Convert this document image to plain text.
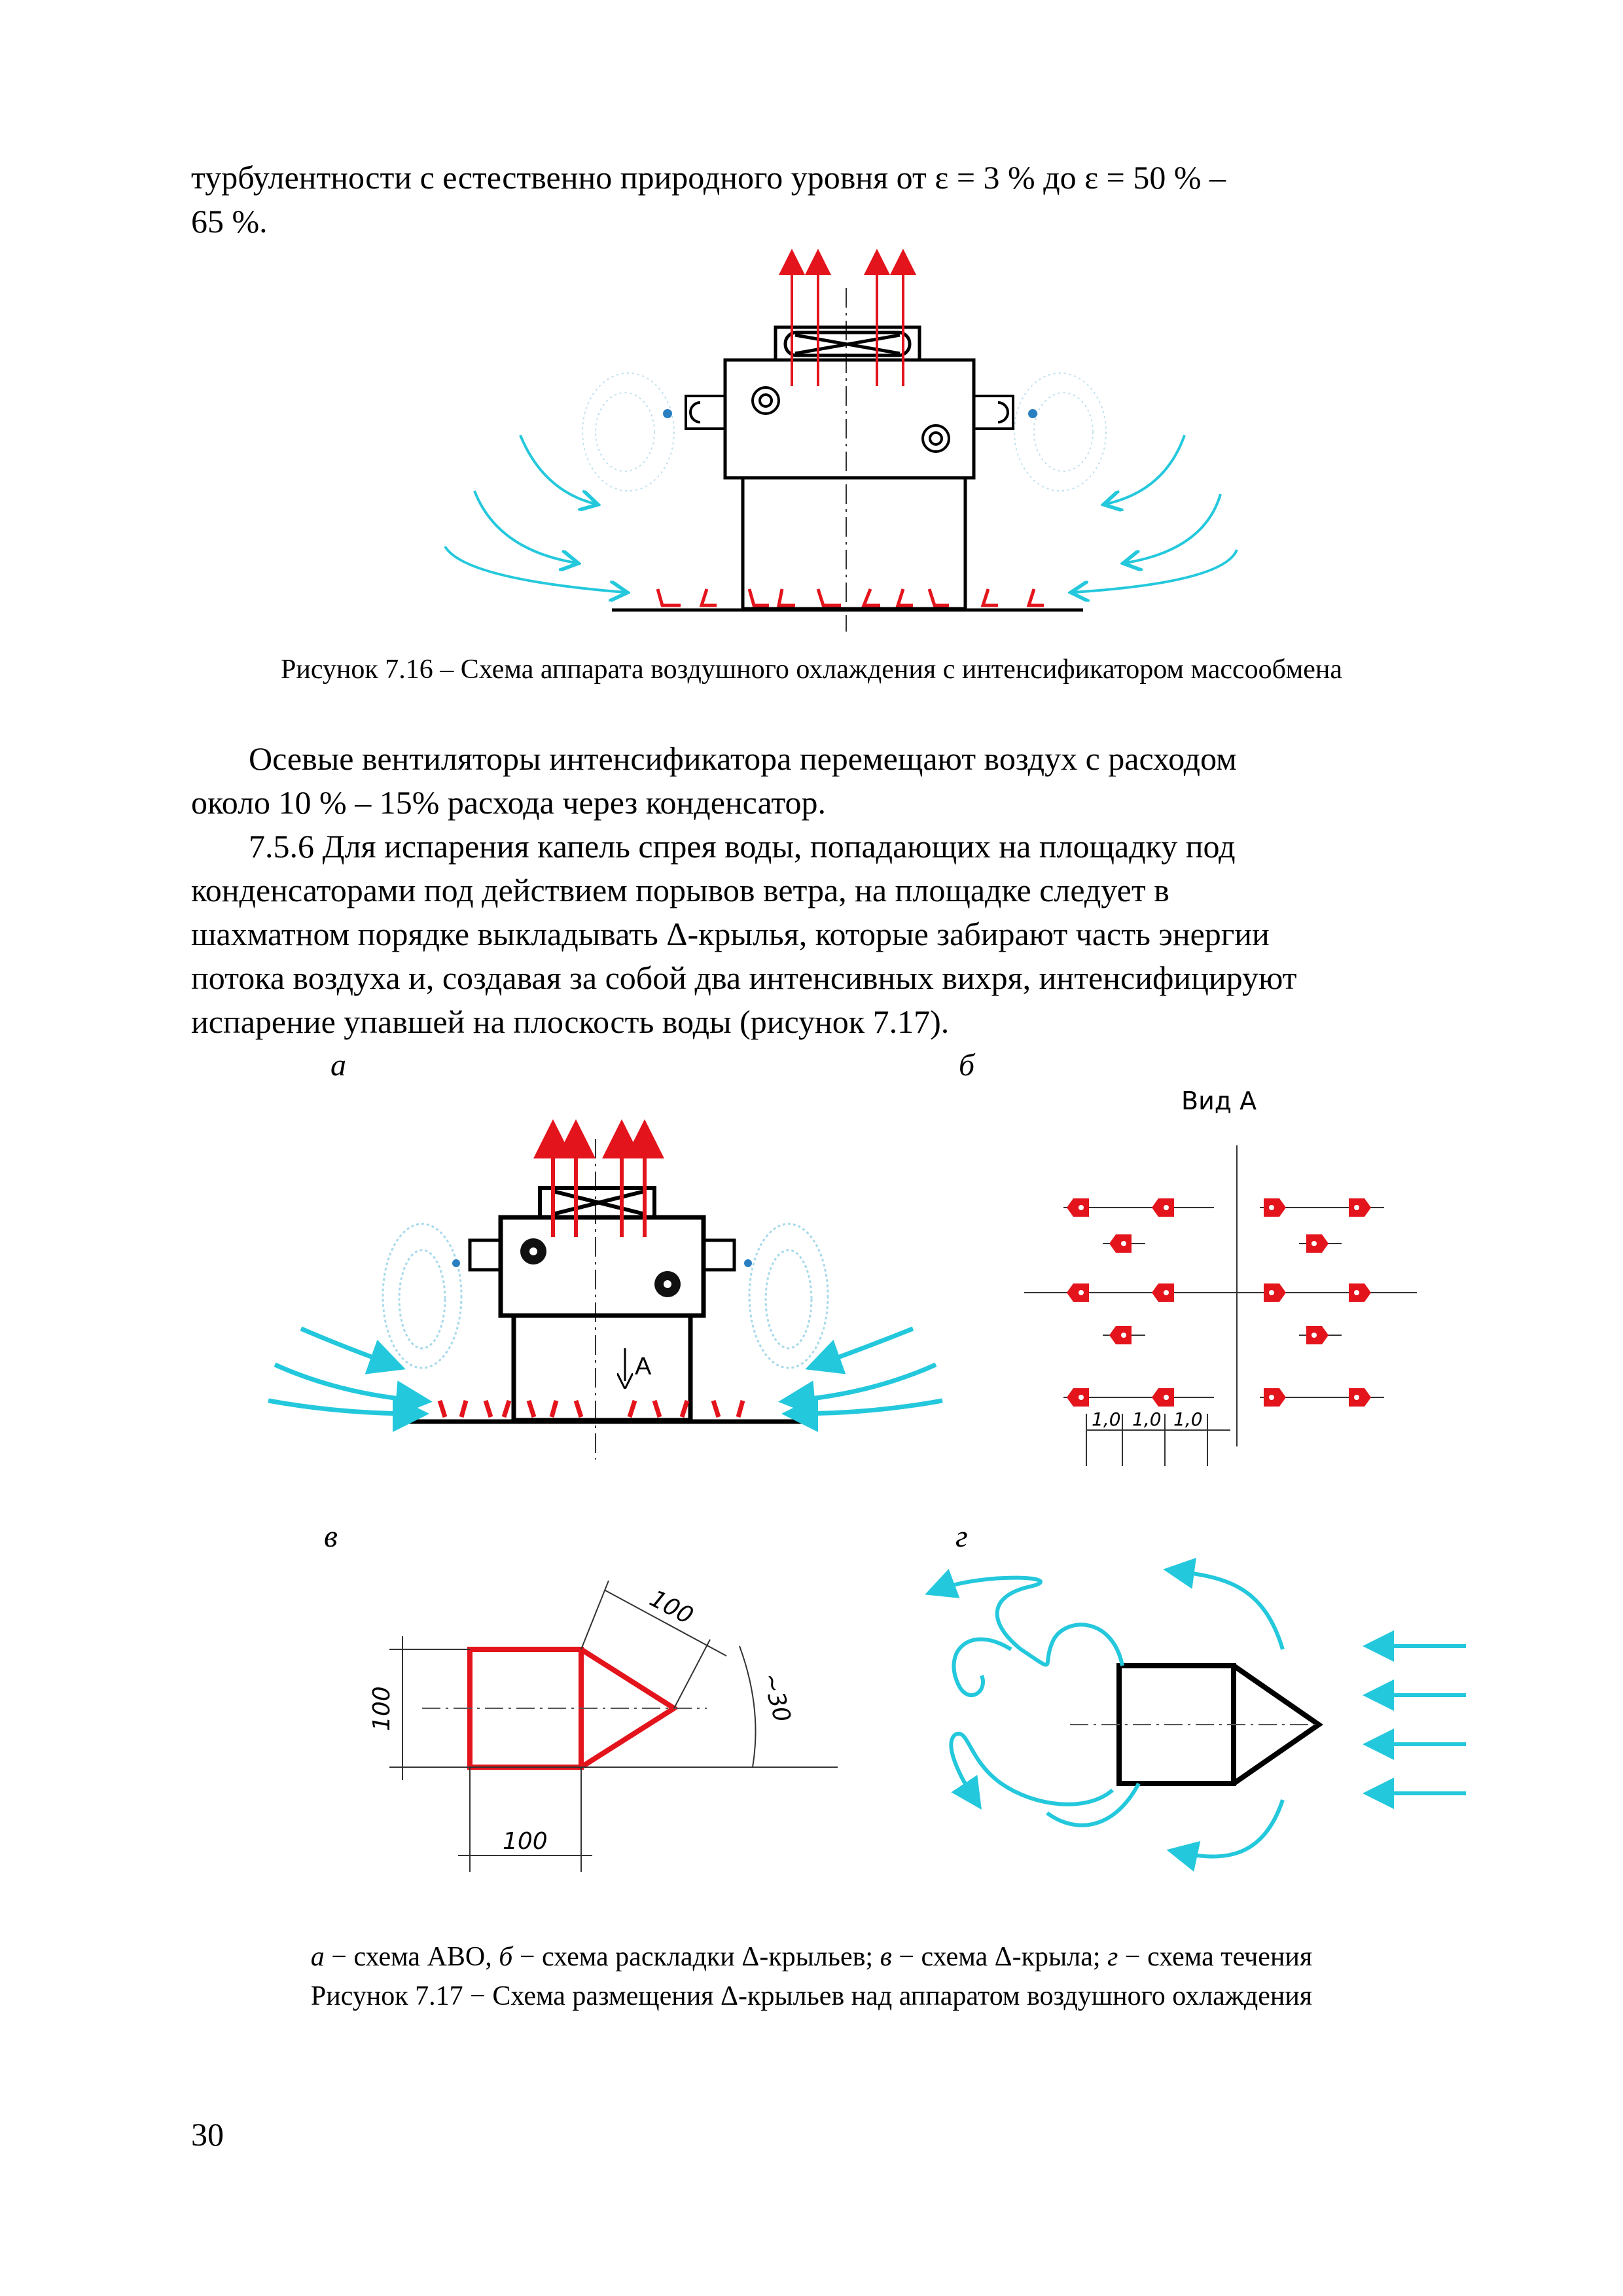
турбулентности с естественно природного уровня от ε = 3 % до ε = 50 % –
65 %.
Рисунок 7.16 – Схема аппарата воздушного охлаждения с интенсификатором массообмена
Осевые вентиляторы интенсификатора перемещают воздух с расходом
около 10 % – 15% расхода через конденсатор.
7.5.6 Для испарения капель спрея воды, попадающих на площадку под
конденсаторами под действием порывов ветра, на площадке следует в
шахматном порядке выкладывать Δ-крылья, которые забирают часть энергии
потока воздуха и, создавая за собой два интенсивных вихря, интенсифицируют
испарение упавшей на плоскость воды (рисунок 7.17).
а	б
в	г
A
Вид А
1,0 1,0 1,0
100
100
100
~30
а − схема АВО, б − схема раскладки Δ-крыльев; в − схема Δ-крыла; г − схема течения
Рисунок 7.17 − Схема размещения Δ-крыльев над аппаратом воздушного охлаждения
30
